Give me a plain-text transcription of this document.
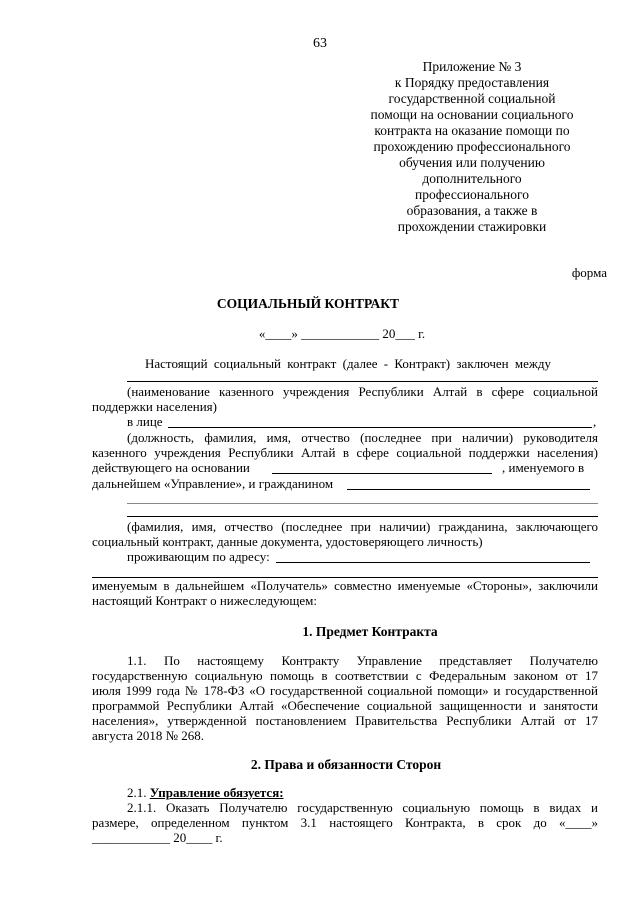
63
Приложение № 3
к Порядку предоставления
государственной социальной
помощи на основании социального
контракта на оказание помощи по
прохождению профессионального
обучения или получению
дополнительного
профессионального
образования, а также в
прохождении стажировки
форма
СОЦИАЛЬНЫЙ КОНТРАКТ
«____» ____________ 20___ г.
Настоящий социальный контракт (далее - Контракт) заключен между
(наименование казенного учреждения Республики Алтай в сфере социальной
поддержки населения)
в лице	,
(должность, фамилия, имя, отчество (последнее при наличии) руководителя
казенного учреждения Республики Алтай в сфере социальной поддержки населения)
действующего на основании	, именуемого в
дальнейшем «Управление», и гражданином
(фамилия, имя, отчество (последнее при наличии) гражданина, заключающего
социальный контракт, данные документа, удостоверяющего личность)
проживающим по адресу:
именуемым в дальнейшем «Получатель» совместно именуемые «Стороны», заключили
настоящий Контракт о нижеследующем:
1. Предмет Контракта
1.1. По настоящему Контракту Управление представляет Получателю
государственную социальную помощь в соответствии с Федеральным законом от 17
июля 1999 года № 178-ФЗ «О государственной социальной помощи» и государственной
программой Республики Алтай «Обеспечение социальной защищенности и занятости
населения», утвержденной постановлением Правительства Республики Алтай от 17
августа 2018 № 268.
2. Права и обязанности Сторон
2.1. Управление обязуется:
2.1.1. Оказать Получателю государственную социальную помощь в видах и
размере, определенном пунктом 3.1 настоящего Контракта, в срок до «____»
____________ 20____ г.
